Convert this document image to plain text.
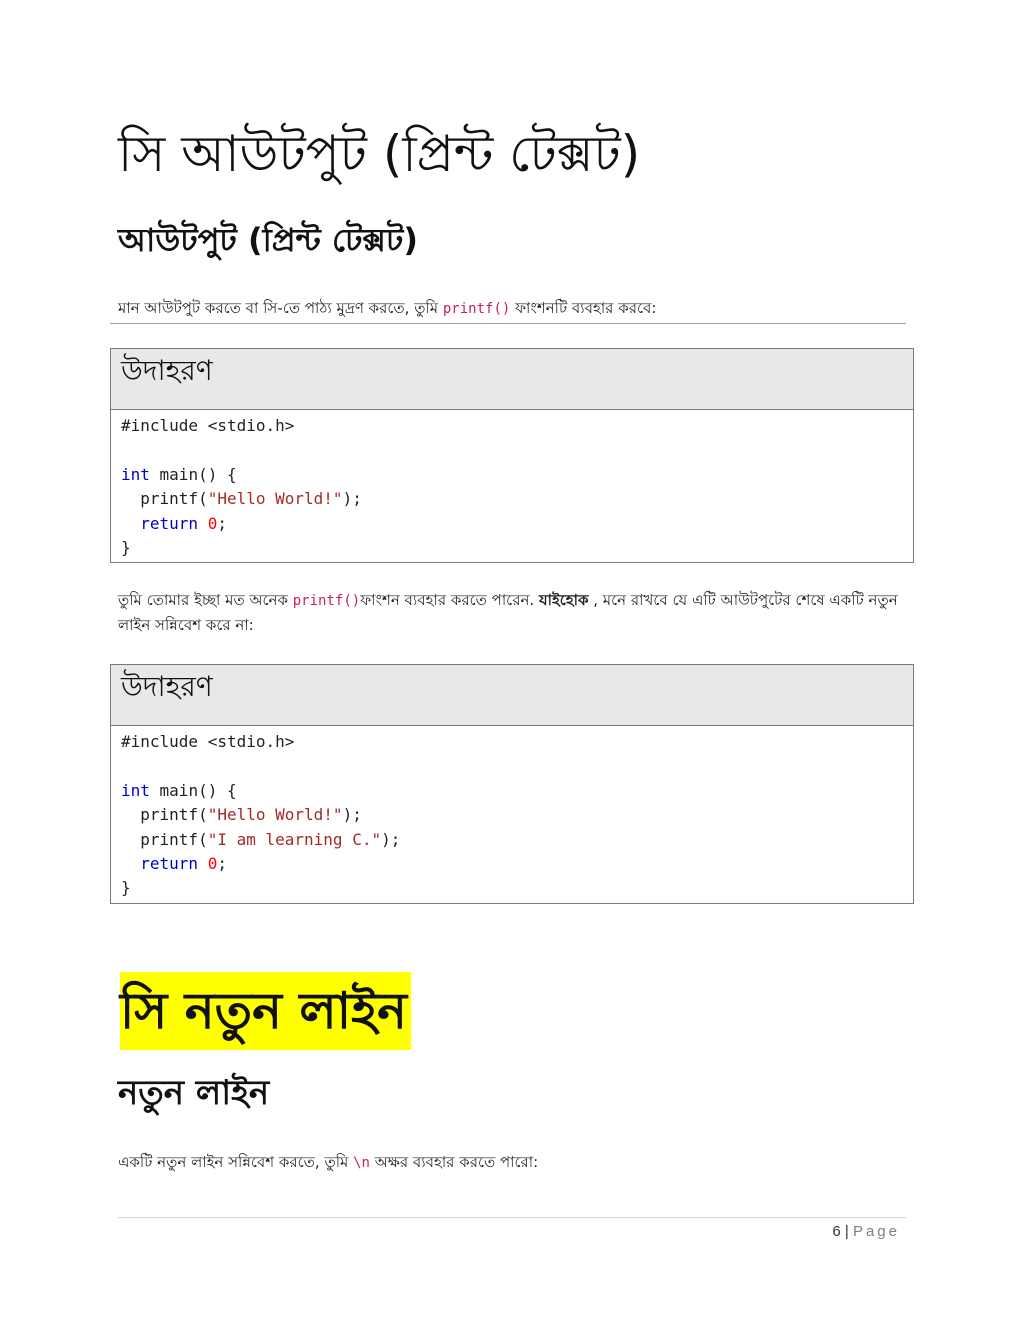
সি আউটপুট (প্রিন্ট টেক্সট)
আউটপুট (প্রিন্ট টেক্সট)
মান আউটপুট করতে বা সি-তে পাঠ্য মুদ্রণ করতে, তুমি printf() ফাংশনটি ব্যবহার করবে:
উদাহরণ
#include <stdio.h>

int main() {
printf("Hello World!");
return 0;
}
তুমি তোমার ইচ্ছা মত অনেক printf()ফাংশন ব্যবহার করতে পারেন. যাইহোক , মনে রাখবে যে এটি আউটপুটের শেষে একটি নতুন লাইন সন্নিবেশ করে না:
উদাহরণ
#include <stdio.h>

int main() {
printf("Hello World!");
printf("I am learning C.");
return 0;
}
সি নতুন লাইন
নতুন লাইন
একটি নতুন লাইন সন্নিবেশ করতে, তুমি \n অক্ষর ব্যবহার করতে পারো:
6 | Page
